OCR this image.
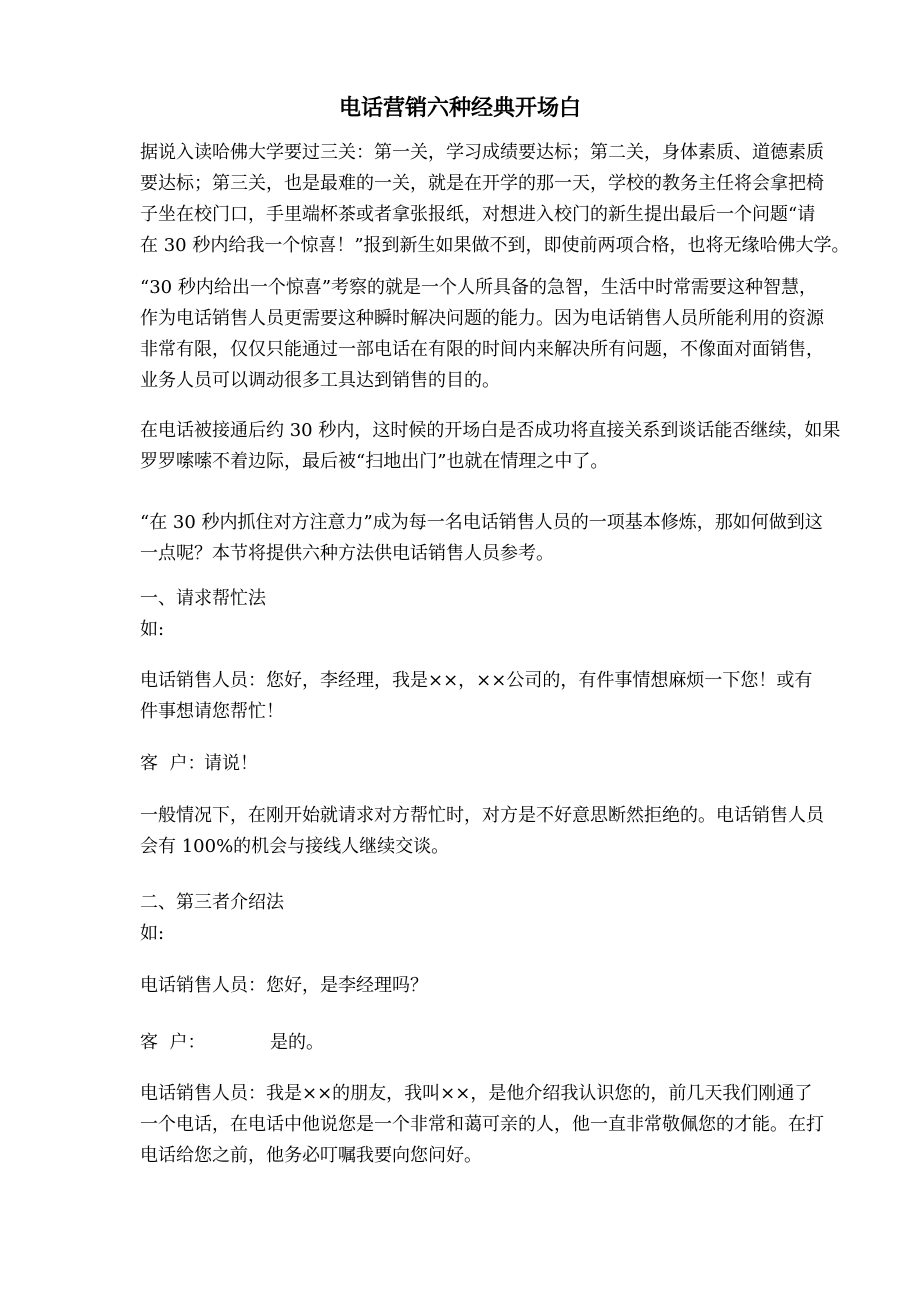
电话营销六种经典开场白
据说入读哈佛大学要过三关：第一关，学习成绩要达标；第二关，身体素质、道德素质
要达标；第三关，也是最难的一关，就是在开学的那一天，学校的教务主任将会拿把椅
子坐在校门口，手里端杯茶或者拿张报纸，对想进入校门的新生提出最后一个问题“请
在 30 秒内给我一个惊喜！”报到新生如果做不到，即使前两项合格，也将无缘哈佛大学。
“30 秒内给出一个惊喜”考察的就是一个人所具备的急智，生活中时常需要这种智慧，
作为电话销售人员更需要这种瞬时解决问题的能力。因为电话销售人员所能利用的资源
非常有限，仅仅只能通过一部电话在有限的时间内来解决所有问题，不像面对面销售，
业务人员可以调动很多工具达到销售的目的。
在电话被接通后约 30 秒内，这时候的开场白是否成功将直接关系到谈话能否继续，如果
罗罗嗦嗦不着边际，最后被“扫地出门”也就在情理之中了。
“在 30 秒内抓住对方注意力”成为每一名电话销售人员的一项基本修炼，那如何做到这
一点呢？本节将提供六种方法供电话销售人员参考。
一、请求帮忙法
如:
电话销售人员：您好，李经理，我是××，××公司的，有件事情想麻烦一下您！或有
件事想请您帮忙！
客  户：请说！
一般情况下，在刚开始就请求对方帮忙时，对方是不好意思断然拒绝的。电话销售人员
会有 100%的机会与接线人继续交谈。
二、第三者介绍法
如:
电话销售人员：您好，是李经理吗？
客  户：	是的。
电话销售人员：我是××的朋友，我叫××，是他介绍我认识您的，前几天我们刚通了
一个电话，在电话中他说您是一个非常和蔼可亲的人，他一直非常敬佩您的才能。在打
电话给您之前，他务必叮嘱我要向您问好。
